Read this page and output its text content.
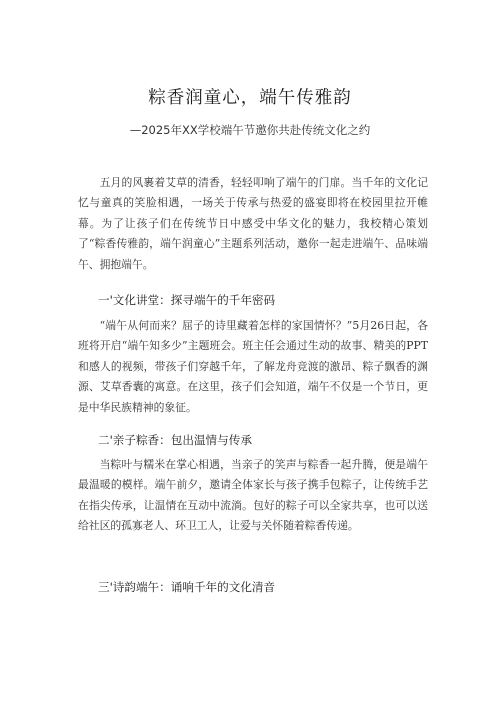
粽香润童心，端午传雅韵

—2025年XX学校端午节邀你共赴传统文化之约

五月的风裹着艾草的清香，轻轻叩响了端午的门扉。当千年的文化记忆与童真的笑脸相遇，一场关于传承与热爱的盛宴即将在校园里拉开帷幕。为了让孩子们在传统节日中感受中华文化的魅力，我校精心策划了“粽香传雅韵，端午润童心”主题系列活动，邀你一起走进端午、品味端午、拥抱端午。

一'文化讲堂：探寻端午的千年密码

“端午从何而来？屈子的诗里藏着怎样的家国情怀？”5月26日起，各班将开启“端午知多少”主题班会。班主任会通过生动的故事、精美的PPT和感人的视频，带孩子们穿越千年，了解龙舟竞渡的激昂、粽子飘香的渊源、艾草香囊的寓意。在这里，孩子们会知道，端午不仅是一个节日，更是中华民族精神的象征。

二'亲子粽香：包出温情与传承

当粽叶与糯米在掌心相遇，当亲子的笑声与粽香一起升腾，便是端午最温暖的模样。端午前夕，邀请全体家长与孩子携手包粽子，让传统手艺在指尖传承，让温情在互动中流淌。包好的粽子可以全家共享，也可以送给社区的孤寡老人、环卫工人，让爱与关怀随着粽香传递。

三'诗韵端午：诵响千年的文化清音
